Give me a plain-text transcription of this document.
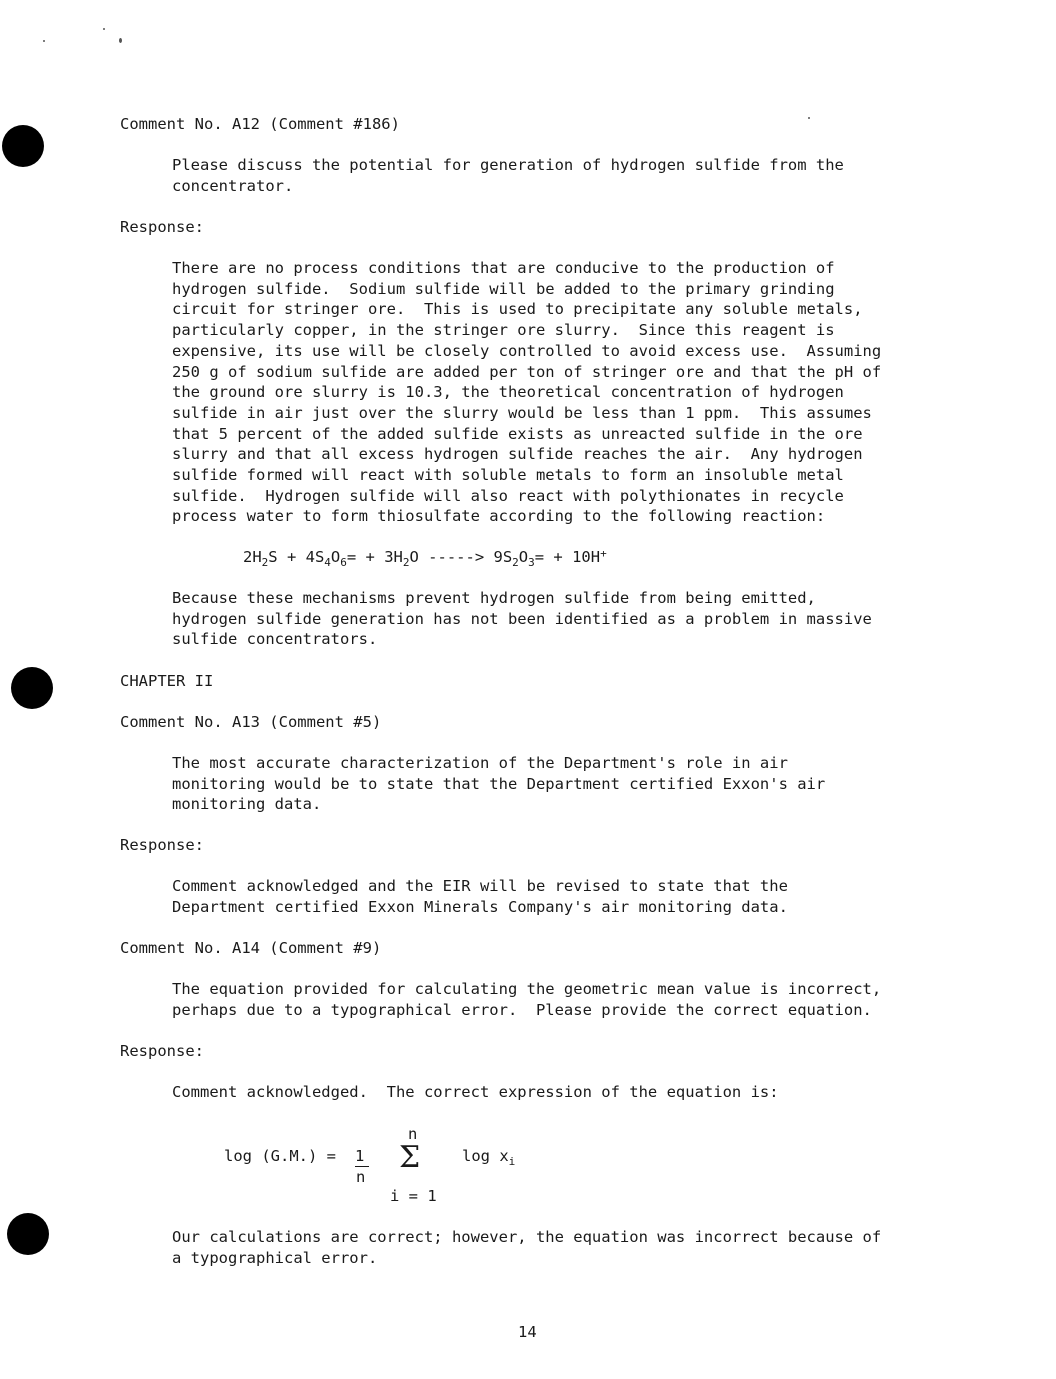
Comment No. A12 (Comment #186)
Please discuss the potential for generation of hydrogen sulfide from the
concentrator.
Response:
There are no process conditions that are conducive to the production of
hydrogen sulfide.  Sodium sulfide will be added to the primary grinding
circuit for stringer ore.  This is used to precipitate any soluble metals,
particularly copper, in the stringer ore slurry.  Since this reagent is
expensive, its use will be closely controlled to avoid excess use.  Assuming
250 g of sodium sulfide are added per ton of stringer ore and that the pH of
the ground ore slurry is 10.3, the theoretical concentration of hydrogen
sulfide in air just over the slurry would be less than 1 ppm.  This assumes
that 5 percent of the added sulfide exists as unreacted sulfide in the ore
slurry and that all excess hydrogen sulfide reaches the air.  Any hydrogen
sulfide formed will react with soluble metals to form an insoluble metal
sulfide.  Hydrogen sulfide will also react with polythionates in recycle
process water to form thiosulfate according to the following reaction:
$2H_2S + 4S_4O_6= + 3H_2O$ -----> $9S_2O_3= + 10H^+$
Because these mechanisms prevent hydrogen sulfide from being emitted,
hydrogen sulfide generation has not been identified as a problem in massive
sulfide concentrators.
CHAPTER II
Comment No. A13 (Comment #5)
The most accurate characterization of the Department's role in air
monitoring would be to state that the Department certified Exxon's air
monitoring data.
Response:
Comment acknowledged and the EIR will be revised to state that the
Department certified Exxon Minerals Company's air monitoring data.
Comment No. A14 (Comment #9)
The equation provided for calculating the geometric mean value is incorrect,
perhaps due to a typographical error.  Please provide the correct equation.
Response:
Comment acknowledged.  The correct expression of the equation is:
log (G.M.) = 1
n
n
Σ
i = 1
$\log x_i$
Our calculations are correct; however, the equation was incorrect because of
a typographical error.
14
